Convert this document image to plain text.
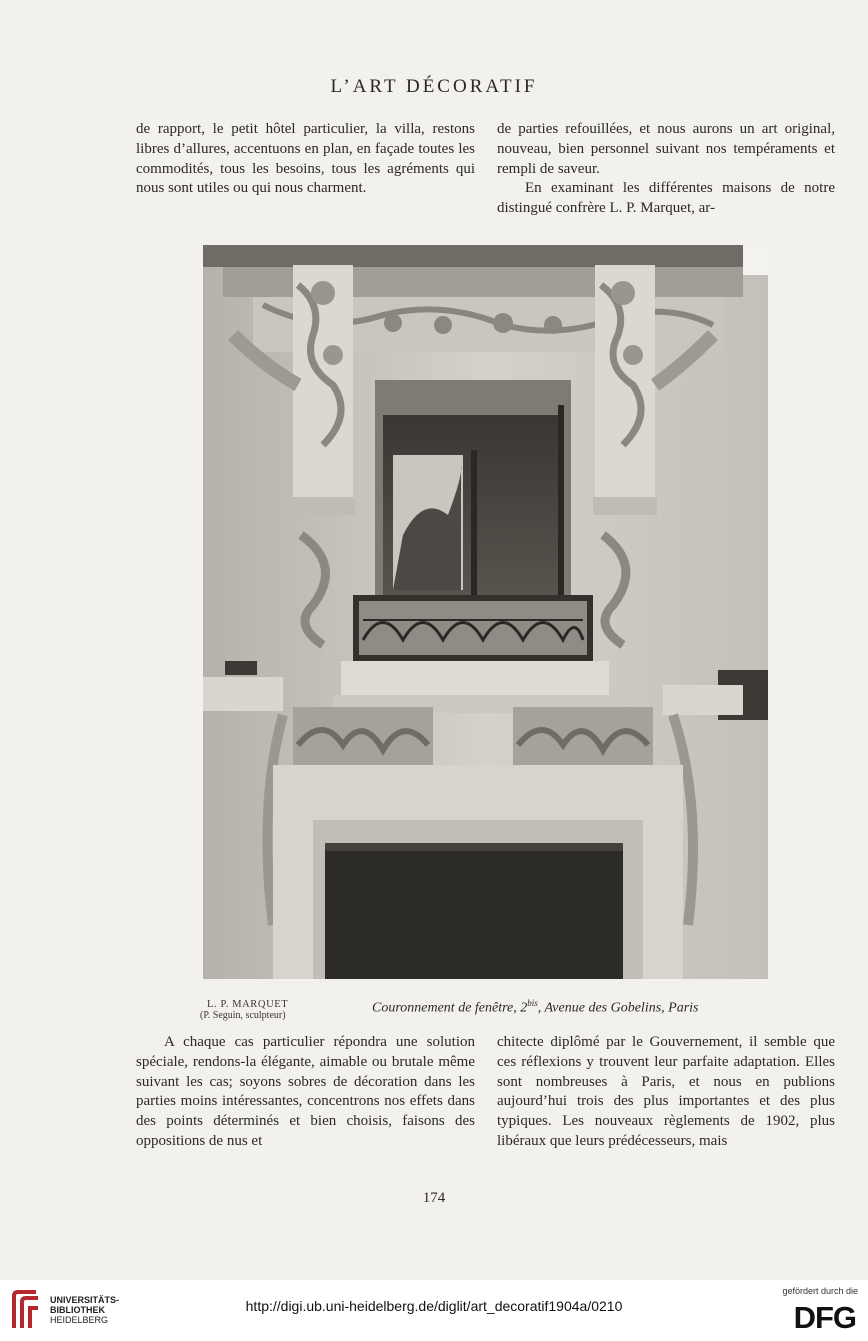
L’ART DÉCORATIF

de rapport, le petit hôtel particulier, la villa, restons libres d’allures, accentuons en plan, en façade toutes les commodités, tous les besoins, tous les agréments qui nous sont utiles ou qui nous charment.

de parties refouillées, et nous aurons un art original, nouveau, bien personnel suivant nos tempéraments et rempli de saveur.

En examinant les différentes maisons de notre distingué confrère L. P. Marquet, ar-

L. P. MARQUET
(P. Seguin, sculpteur)	Couronnement de fenêtre, $2^{bis}$, Avenue des Gobelins, Paris

A chaque cas particulier répondra une solution spéciale, rendons-la élégante, aimable ou brutale même suivant les cas; soyons sobres de décoration dans les parties moins intéressantes, concentrons nos effets dans des points déterminés et bien choisis, faisons des oppositions de nus et

chitecte diplômé par le Gouvernement, il semble que ces réflexions y trouvent leur parfaite adaptation. Elles sont nombreuses à Paris, et nous en publions aujourd’hui trois des plus importantes et des plus typiques. Les nouveaux règlements de 1902, plus libéraux que leurs prédécesseurs, mais

174
UNIVERSITÄTS-
BIBLIOTHEK
HEIDELBERG
http://digi.ub.uni-heidelberg.de/diglit/art_decoratif1904a/0210
gefördert durch die
DFG
